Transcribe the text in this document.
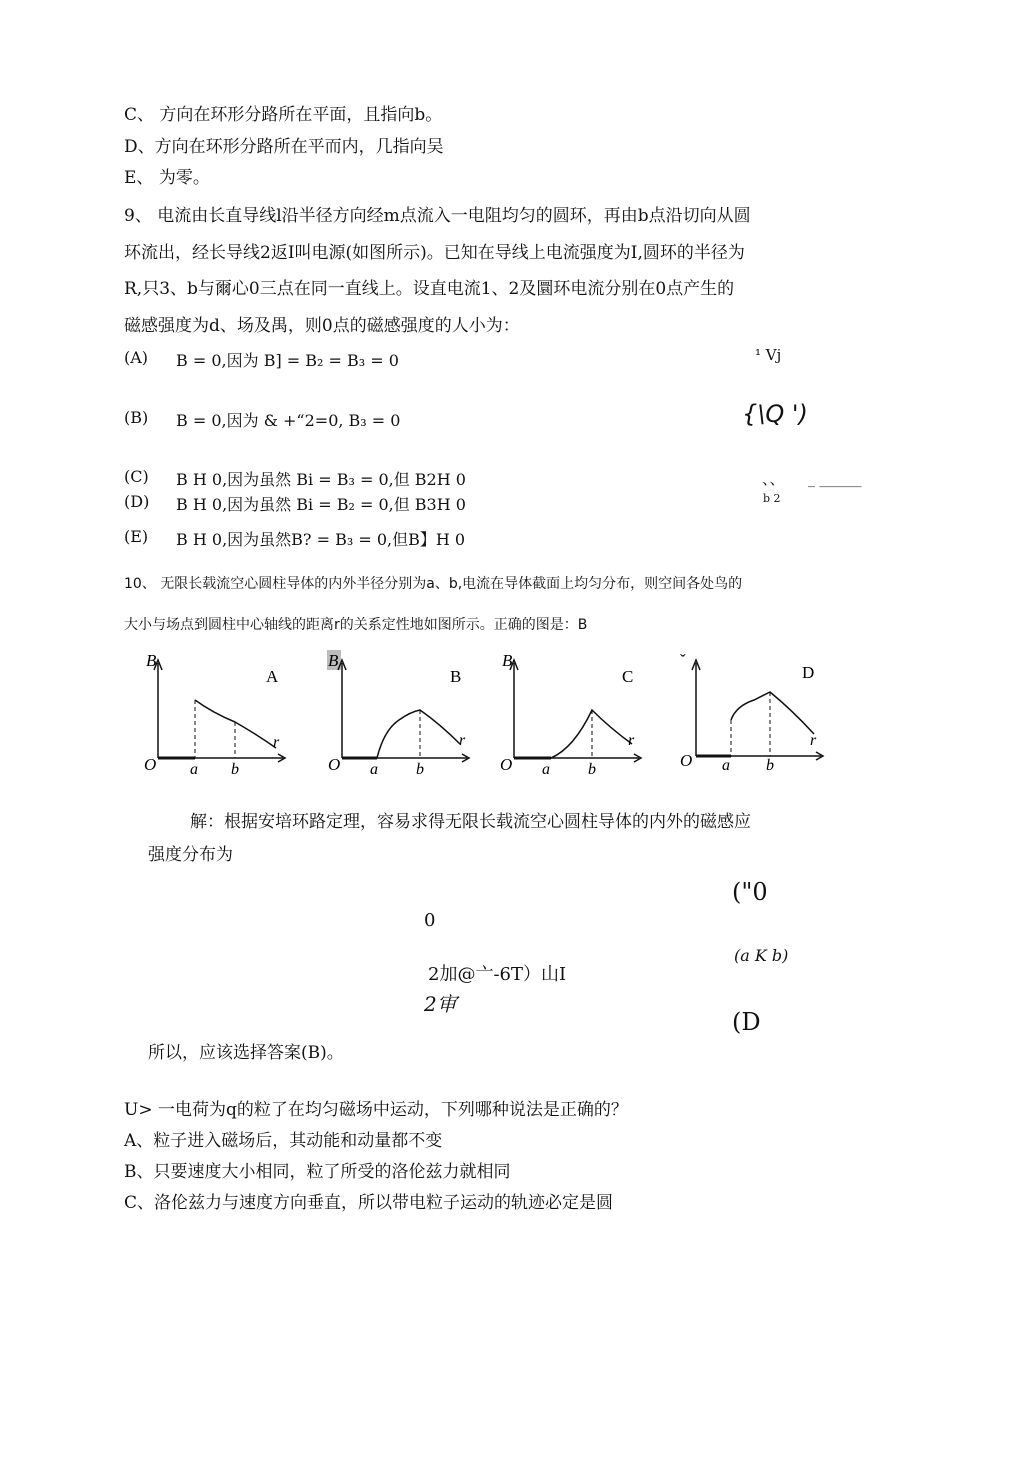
C、 方向在环形分路所在平面，且指向b。
D、方向在环形分路所在平而内，几指向吴
E、 为零。
9、 电流由长直导线l沿半径方向经m点流入一电阻均匀的圆环，再由b点沿切向从圆
环流出，经长导线2返I叫电源(如图所示)。已知在导线上电流强度为I,圆环的半径为
R,只3、b与爾心0三点在同一直线上。设直电流1、2及圜环电流分别在0点产生的
磁感强度为d、场及禺，则0点的磁感强度的人小为：
(A) B = 0,因为 B] = B₂ = B₃ = 0
(B) B = 0,因为 & +“2=0, B₃ = 0
(C) B H 0,因为虽然 Bi = B₃ = 0,但 B2H 0
(D) B H 0,因为虽然 Bi = B₂ = 0,但 B3H 0
(E) B H 0,因为虽然B? = B₃ = 0,但B】H 0
¹ Vj
{\Q ')
、、 _ ______
b 2
10、 无限长载流空心圆柱导体的内外半径分别为a、b,电流在导体截面上均匀分布，则空间各处鸟的
大小与场点到圆柱中心轴线的距离r的关系定性地如图所示。正确的图是：B
B
A
O a b
r
B
B
O a b
r
B
C
O a b
r
ˇ
D
O a b
r
解：根据安培环路定理，容易求得无限长载流空心圆柱导体的内外的磁感应
强度分布为
0
2加@亠-6T）山I
2审
("0
(a K b)
(D
所以，应该选择答案(B)。
U> 一电荷为q的粒了在均匀磁场中运动，下列哪种说法是正确的？
A、粒子进入磁场后，其动能和动量都不变
B、只要速度大小相同，粒了所受的洛伦兹力就相同
C、洛伦兹力与速度方向垂直，所以带电粒子运动的轨迹必定是圆
